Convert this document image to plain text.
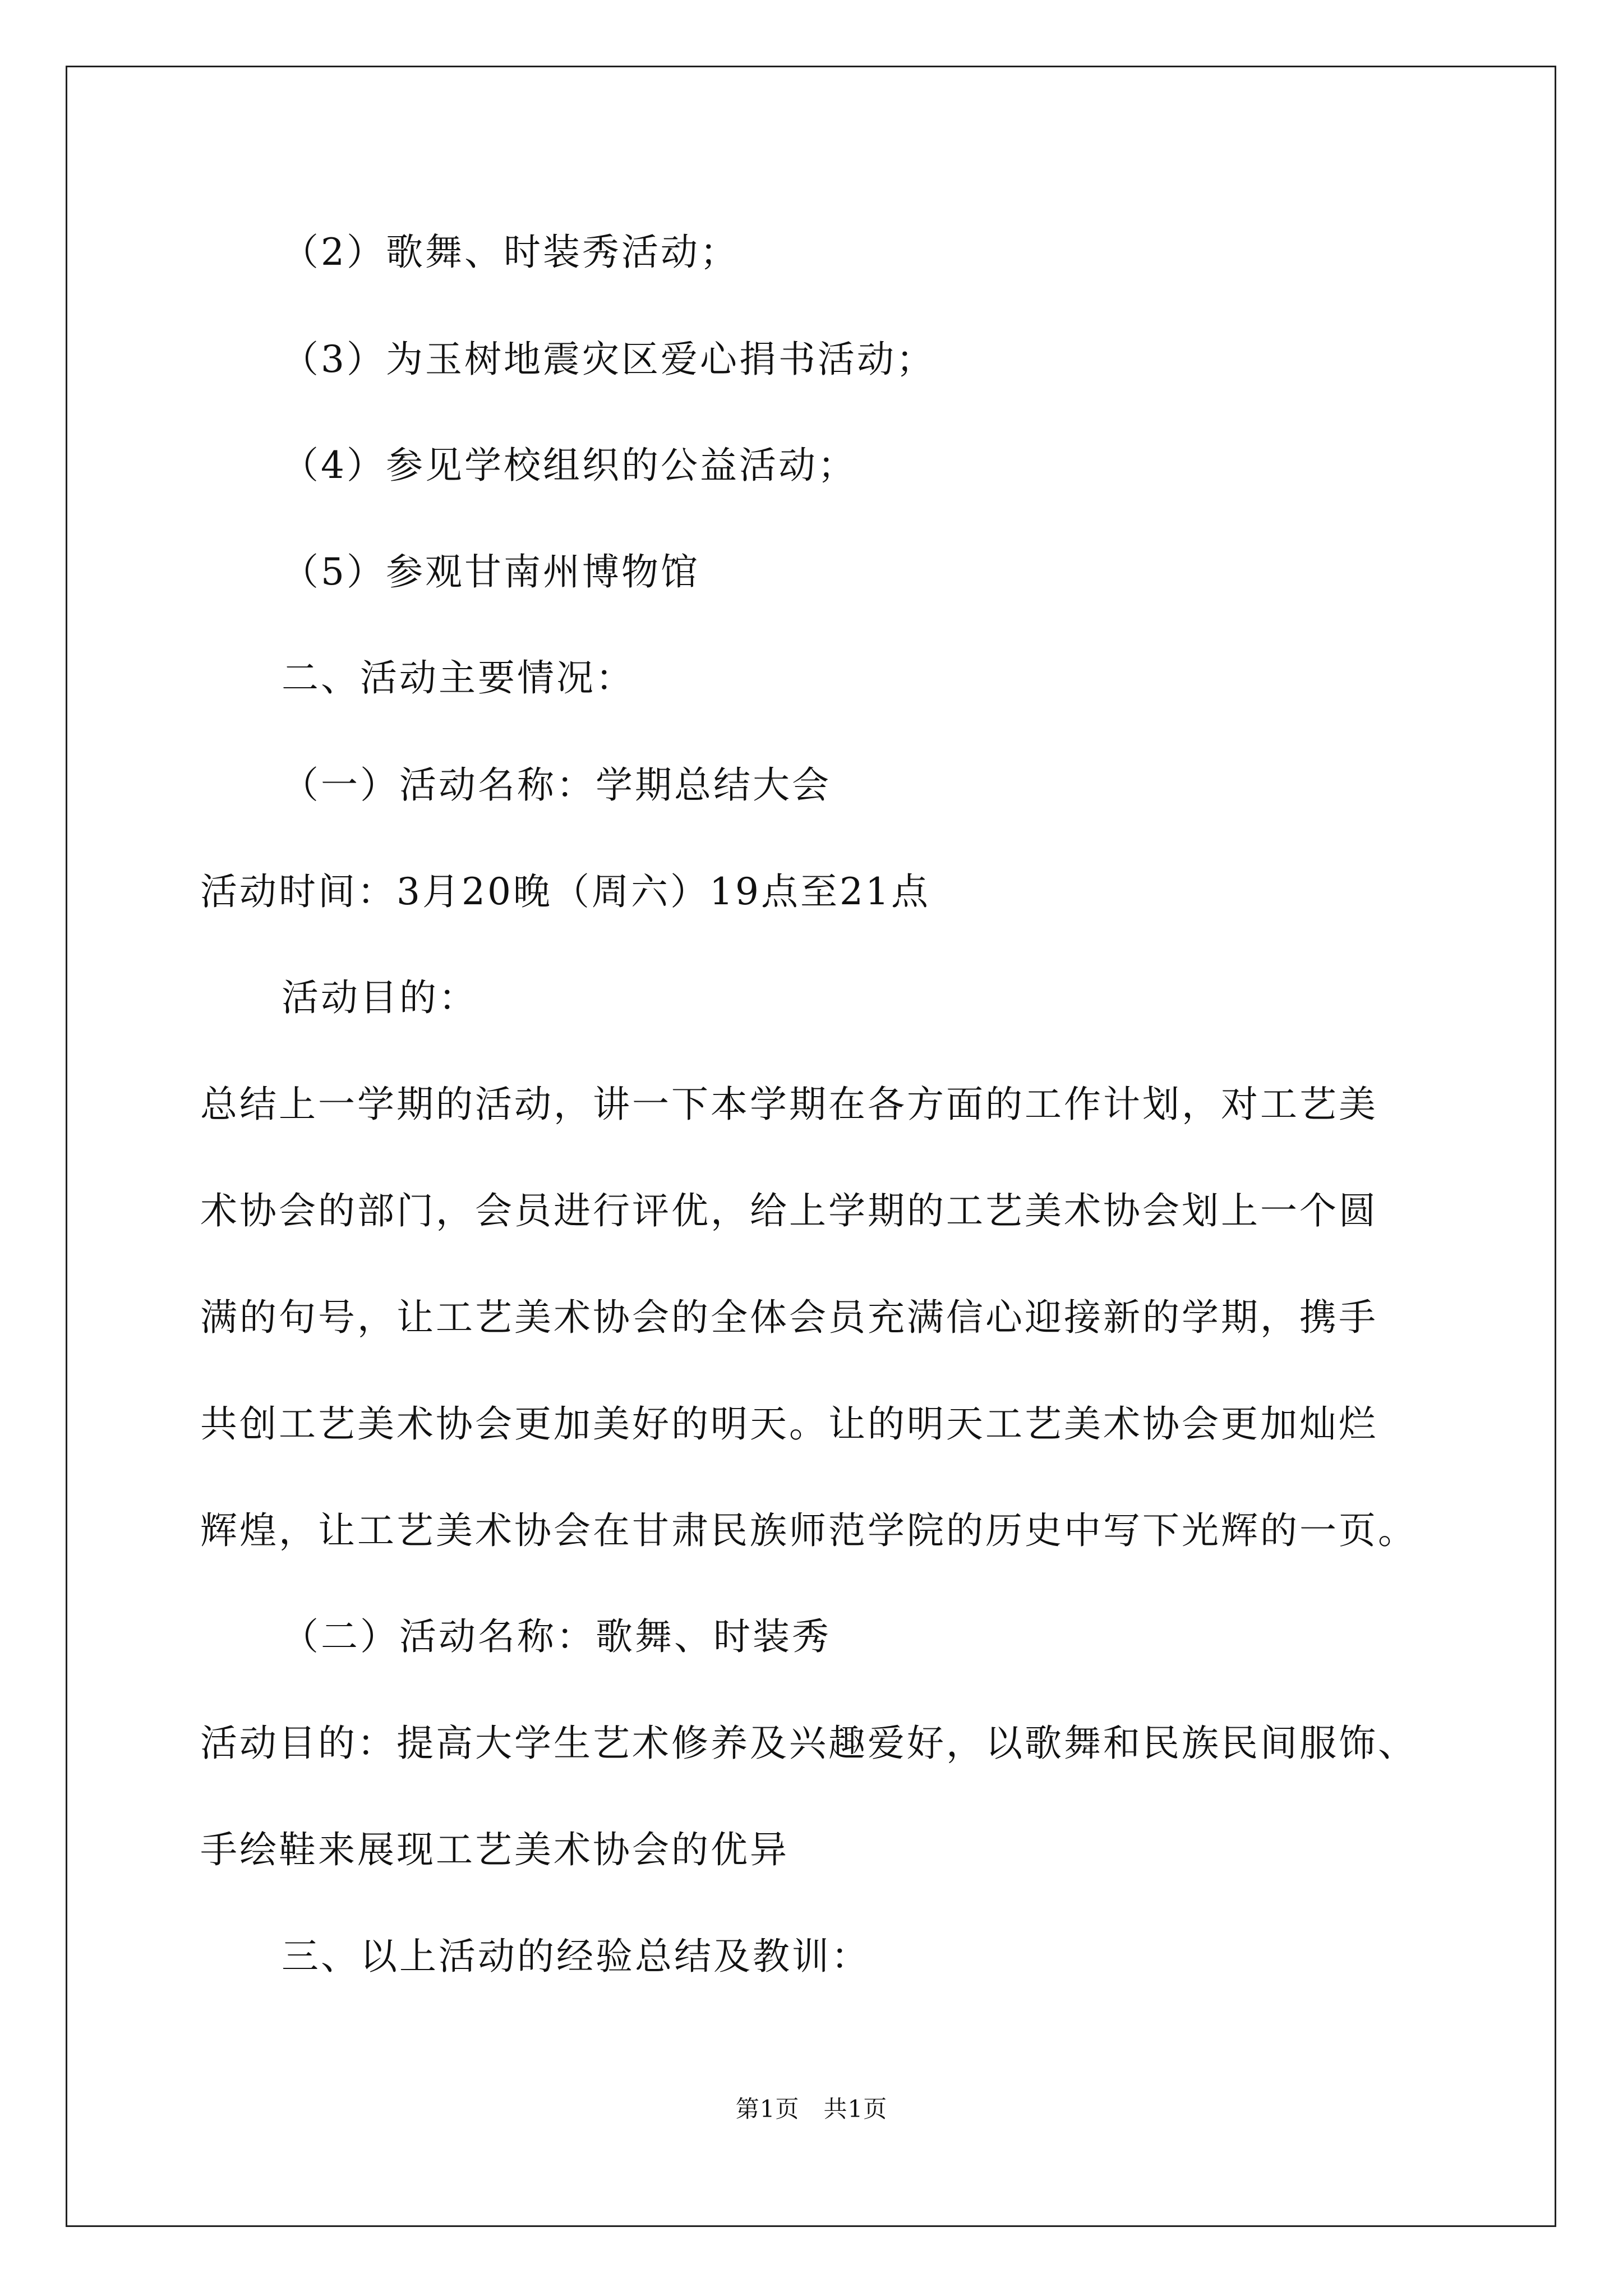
（2）歌舞、时装秀活动；
（3）为玉树地震灾区爱心捐书活动；
（4）参见学校组织的公益活动；
（5）参观甘南州博物馆
二、活动主要情况：
（一）活动名称：学期总结大会
活动时间：3月20晚（周六）19点至21点
活动目的：
总结上一学期的活动，讲一下本学期在各方面的工作计划，对工艺美
术协会的部门，会员进行评优，给上学期的工艺美术协会划上一个圆
满的句号，让工艺美术协会的全体会员充满信心迎接新的学期，携手
共创工艺美术协会更加美好的明天。让的明天工艺美术协会更加灿烂
辉煌，让工艺美术协会在甘肃民族师范学院的历史中写下光辉的一页。
（二）活动名称：歌舞、时装秀
活动目的：提高大学生艺术修养及兴趣爱好，以歌舞和民族民间服饰、
手绘鞋来展现工艺美术协会的优异
三、以上活动的经验总结及教训：
第1页　共1页
